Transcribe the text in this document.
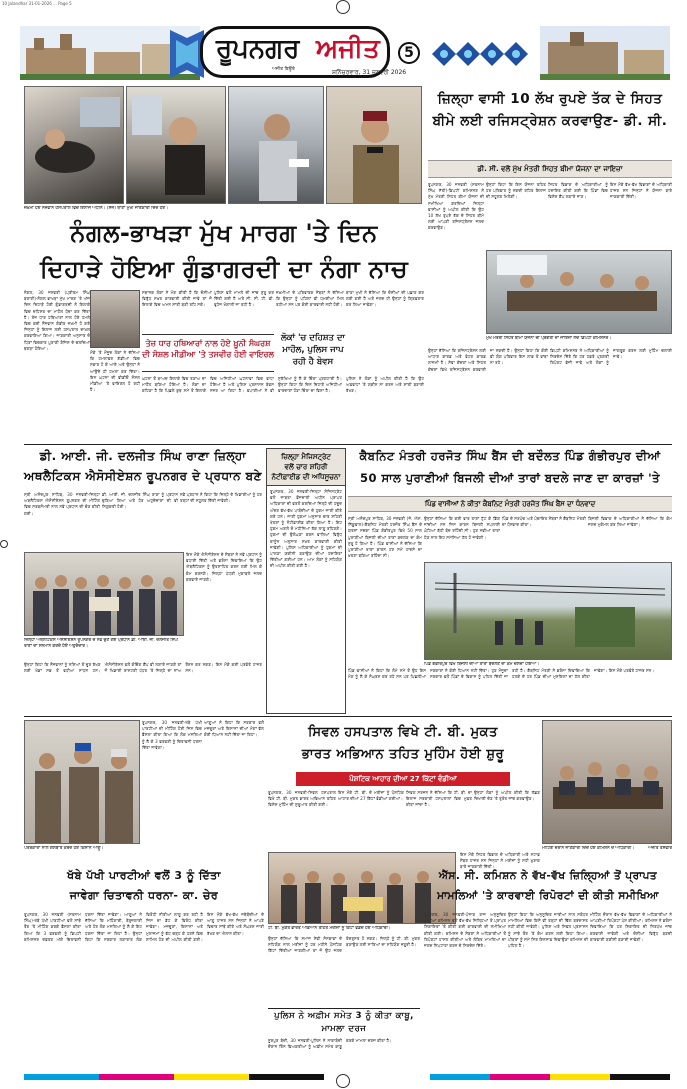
10 Jalandhar 31-01-2026 ... Page 5
ਰੂਪਨਗਰ ਅਜੀਤ
ਅਜੀਤ ਬਿਊਰੋ
5
ਸ਼ਨਿੱਚਰਵਾਰ, 31 ਜਨਵਰੀ 2026
ਜ਼ਖ਼ਮੀ ਹੋਏ ਨੌਜਵਾਨ ਹਸਪਤਾਲ ਵਿਚ ਇਲਾਜ ਅਧੀਨ। (ਸੱਜੇ) ਥਾਣਾ ਮੁਖੀ ਜਾਣਕਾਰੀ ਦਿੰਦੇ ਹੋਏ।
ਨੰਗਲ-ਭਾਖੜਾ ਮੁੱਖ ਮਾਰਗ 'ਤੇ ਦਿਨ
ਦਿਹਾੜੇ ਹੋਇਆ ਗੁੰਡਾਗਰਦੀ ਦਾ ਨੰਗਾ ਨਾਚ
ਨੰਗਲ, 30 ਜਨਵਰੀ (ਪ੍ਰੀਤਮ ਸਿੰਘ ਬਰਾਰੀ)-ਨੰਗਲ ਭਾਖੜਾ ਮੁੱਖ ਮਾਰਗ 'ਤੇ ਅੱਜ ਦਿਨ ਦਿਹਾੜੇ ਹੋਈ ਗੁੰਡਾਗਰਦੀ ਨੇ ਇਲਾਕੇ ਵਿਚ ਦਹਿਸ਼ਤ ਦਾ ਮਾਹੌਲ ਪੈਦਾ ਕਰ ਦਿੱਤਾ ਹੈ। ਤੇਜ਼ ਧਾਰ ਹਥਿਆਰਾਂ ਨਾਲ ਹੋਏ ਹਮਲੇ ਵਿਚ ਕਈ ਨੌਜਵਾਨ ਗੰਭੀਰ ਜ਼ਖ਼ਮੀ ਹੋ ਗਏ ਜਿਨ੍ਹਾਂ ਨੂੰ ਇਲਾਜ ਲਈ ਹਸਪਤਾਲ ਦਾਖ਼ਲ ਕਰਵਾਇਆ ਗਿਆ। ਜਾਣਕਾਰੀ ਅਨੁਸਾਰ ਦੋ ਧਿਰਾਂ ਵਿਚਕਾਰ ਪੁਰਾਣੀ ਰੰਜਿਸ਼ ਦੇ ਚਲਦਿਆਂ ਝਗੜਾ ਹੋਇਆ।
ਮੌਕੇ 'ਤੇ ਮੌਜੂਦ ਲੋਕਾਂ ਨੇ ਦੱਸਿਆ ਕਿ ਹਮਲਾਵਰ ਗੱਡੀਆਂ ਵਿਚ ਸਵਾਰ ਹੋ ਕੇ ਆਏ ਅਤੇ ਉਨ੍ਹਾਂ ਨੇ ਆਉਂਦੇ ਹੀ ਹਮਲਾ ਕਰ ਦਿੱਤਾ। ਇਸ ਘਟਨਾ ਦੀ ਵੀਡੀਓ ਸੋਸ਼ਲ ਮੀਡੀਆ 'ਤੇ ਵਾਇਰਲ ਹੋ ਰਹੀ ਹੈ।
ਸਥਾਨਕ ਲੋਕਾਂ ਨੇ ਮੰਗ ਕੀਤੀ ਹੈ ਕਿ ਦੋਸ਼ੀਆਂ ਵਿਰੁੱਧ ਸਖ਼ਤ ਕਾਰਵਾਈ ਕੀਤੀ ਜਾਵੇ ਤਾਂ ਜੋ ਇਲਾਕੇ ਵਿਚ ਅਮਨ ਸ਼ਾਂਤੀ ਬਣੀ ਰਹਿ ਸਕੇ।
ਪੁਲਿਸ ਵਲੋਂ ਮਾਮਲੇ ਦੀ ਜਾਂਚ ਸ਼ੁਰੂ ਕਰ ਦਿੱਤੀ ਗਈ ਹੈ ਅਤੇ ਸੀ. ਸੀ. ਟੀ. ਵੀ. ਫੁਟੇਜ ਖੰਗਾਲੀ ਜਾ ਰਹੀ ਹੈ।
ਜ਼ਖ਼ਮੀਆਂ ਦੇ ਪਰਿਵਾਰਕ ਮੈਂਬਰਾਂ ਨੇ ਦੱਸਿਆ ਕਿ ਉਨ੍ਹਾਂ ਨੂੰ ਪਹਿਲਾਂ ਵੀ ਧਮਕੀਆਂ ਮਿਲ ਰਹੀਆਂ ਸਨ ਪਰ ਕੋਈ ਕਾਰਵਾਈ ਨਹੀਂ ਹੋਈ।
ਥਾਣਾ ਮੁਖੀ ਨੇ ਦੱਸਿਆ ਕਿ ਦੋਸ਼ੀਆਂ ਦੀ ਪਛਾਣ ਕਰ ਲਈ ਗਈ ਹੈ ਅਤੇ ਜਲਦ ਹੀ ਉਨ੍ਹਾਂ ਨੂੰ ਗ੍ਰਿਫ਼ਤਾਰ ਕਰ ਲਿਆ ਜਾਵੇਗਾ।
ਤੇਜ਼ ਧਾਰ ਹਥਿਆਰਾਂ ਨਾਲ ਹੋਏ ਖ਼ੂਨੀ ਸੰਘਰਸ਼ ਦੀ ਸੋਸ਼ਲ ਮੀਡੀਆ 'ਤੇ ਤਸਵੀਰ ਹੋਈ ਵਾਇਰਲ
ਲੋਕਾਂ 'ਚ ਦਹਿਸ਼ਤ ਦਾ ਮਾਹੌਲ, ਪੁਲਿਸ ਜਾਪ ਰਹੀ ਹੈ ਬੇਵਸ
ਘਟਨਾ ਤੋਂ ਬਾਅਦ ਇਲਾਕੇ ਵਿਚ ਤਣਾਅ ਦਾ ਮਾਹੌਲ ਬਣਿਆ ਹੋਇਆ ਹੈ। ਲੋਕਾਂ ਦਾ ਕਹਿਣਾ ਹੈ ਕਿ ਪਿਛਲੇ ਕੁਝ ਸਮੇਂ ਤੋਂ ਇਲਾਕੇ ਵਿਚ ਅਜਿਹੀਆਂ ਘਟਨਾਵਾਂ ਵਿਚ ਵਾਧਾ ਹੋਇਆ ਹੈ ਅਤੇ ਪੁਲਿਸ ਪ੍ਰਸ਼ਾਸਨ ਬੇਵਸ ਨਜ਼ਰ ਆ ਰਿਹਾ ਹੈ। ਵਪਾਰੀਆਂ ਨੇ ਵੀ ਸੁਰੱਖਿਆ ਨੂੰ ਲੈ ਕੇ ਚਿੰਤਾ ਪ੍ਰਗਟਾਈ ਹੈ। ਉਨ੍ਹਾਂ ਕਿਹਾ ਕਿ ਦਿਨ ਦਿਹਾੜੇ ਅਜਿਹੀਆਂ ਵਾਰਦਾਤਾਂ ਹੋਣਾ ਚਿੰਤਾ ਦਾ ਵਿਸ਼ਾ ਹੈ।
ਪੁਲਿਸ ਨੇ ਲੋਕਾਂ ਨੂੰ ਅਪੀਲ ਕੀਤੀ ਹੈ ਕਿ ਉਹ ਅਫ਼ਵਾਹਾਂ 'ਤੇ ਯਕੀਨ ਨਾ ਕਰਨ ਅਤੇ ਸ਼ਾਂਤੀ ਬਣਾਈ ਰੱਖਣ।
ਜ਼ਿਲ੍ਹਾ ਵਾਸੀ 10 ਲੱਖ ਰੁਪਏ ਤੱਕ ਦੇ ਸਿਹਤ
ਬੀਮੇ ਲਈ ਰਜਿਸਟ੍ਰੇਸ਼ਨ ਕਰਵਾਉਣ- ਡੀ. ਸੀ.
ਡੀ. ਸੀ. ਵਲੋਂ ਮੁੱਖ ਮੰਤਰੀ ਸਿਹਤ ਬੀਮਾ ਯੋਜਨਾ ਦਾ ਜਾਇਜ਼ਾ
ਰੂਪਨਗਰ, 30 ਜਨਵਰੀ (ਸਤਨਾਮ ਸਿੰਘ ਸੱਤੀ)-ਡਿਪਟੀ ਕਮਿਸ਼ਨਰ ਨੇ ਮੁੱਖ ਮੰਤਰੀ ਸਿਹਤ ਬੀਮਾ ਯੋਜਨਾ ਦੀ ਸਮੀਖਿਆ ਕਰਦਿਆਂ ਜ਼ਿਲ੍ਹਾ ਵਾਸੀਆਂ ਨੂੰ ਅਪੀਲ ਕੀਤੀ ਕਿ ਉਹ 10 ਲੱਖ ਰੁਪਏ ਤੱਕ ਦੇ ਸਿਹਤ ਬੀਮੇ ਲਈ ਆਪਣੀ ਰਜਿਸਟ੍ਰੇਸ਼ਨ ਜਲਦ ਕਰਵਾਉਣ।
ਉਨ੍ਹਾਂ ਕਿਹਾ ਕਿ ਇਸ ਯੋਜਨਾ ਤਹਿਤ ਹਰ ਪਰਿਵਾਰ ਨੂੰ ਨਕਦੀ ਰਹਿਤ ਇਲਾਜ ਦੀ ਸਹੂਲਤ ਮਿਲੇਗੀ।
ਸਿਹਤ ਵਿਭਾਗ ਦੇ ਅਧਿਕਾਰੀਆਂ ਨੂੰ ਹਦਾਇਤ ਕੀਤੀ ਗਈ ਕਿ ਪਿੰਡਾਂ ਵਿਚ ਵਿਸ਼ੇਸ਼ ਕੈਂਪ ਲਗਾਏ ਜਾਣ।
ਇਸ ਮੌਕੇ ਵੱਖ-ਵੱਖ ਵਿਭਾਗਾਂ ਦੇ ਅਧਿਕਾਰੀ ਹਾਜ਼ਰ ਸਨ ਜਿਨ੍ਹਾਂ ਨੇ ਯੋਜਨਾ ਬਾਰੇ ਜਾਣਕਾਰੀ ਦਿੱਤੀ।
ਮੁੱਖ ਮੰਤਰੀ ਸਿਹਤ ਬੀਮਾ ਯੋਜਨਾ ਦੀ ਪ੍ਰਗਤੀ ਦਾ ਜਾਇਜ਼ਾ ਲੈਂਦੇ ਡਿਪਟੀ ਕਮਿਸ਼ਨਰ।
ਉਨ੍ਹਾਂ ਦੱਸਿਆ ਕਿ ਰਜਿਸਟ੍ਰੇਸ਼ਨ ਲਈ ਆਧਾਰ ਕਾਰਡ ਅਤੇ ਵੋਟਰ ਕਾਰਡ ਲਾਜ਼ਮੀ ਹੈ। ਸੇਵਾ ਕੇਂਦਰਾਂ ਅਤੇ ਸਿਹਤ ਕੇਂਦਰਾਂ ਵਿਖੇ ਰਜਿਸਟ੍ਰੇਸ਼ਨ ਕਰਵਾਈ ਜਾ ਸਕਦੀ ਹੈ। ਉਨ੍ਹਾਂ ਕਿਹਾ ਕਿ ਕੋਈ ਵੀ ਯੋਗ ਪਰਿਵਾਰ ਇਸ ਲਾਭ ਤੋਂ ਵਾਂਝਾ ਨਾ ਰਹੇ।
ਡਿਪਟੀ ਕਮਿਸ਼ਨਰ ਨੇ ਅਧਿਕਾਰੀਆਂ ਨੂੰ ਨਿਰਦੇਸ਼ ਦਿੱਤੇ ਕਿ ਹਰ ਹਫ਼ਤੇ ਪ੍ਰਗਤੀ ਰਿਪੋਰਟ ਭੇਜੀ ਜਾਵੇ ਅਤੇ ਲੋਕਾਂ ਨੂੰ ਜਾਗਰੂਕ ਕਰਨ ਲਈ ਮੁਹਿੰਮ ਚਲਾਈ ਜਾਵੇ।
ਡੀ. ਆਈ. ਜੀ. ਦਲਜੀਤ ਸਿੰਘ ਰਾਣਾ ਜ਼ਿਲ੍ਹਾ
ਅਥਲੈਟਿਕਸ ਐਸੋਸੀਏਸ਼ਨ ਰੂਪਨਗਰ ਦੇ ਪ੍ਰਧਾਨ ਬਣੇ
ਸ੍ਰੀ ਅਨੰਦਪੁਰ ਸਾਹਿਬ, 30 ਜਨਵਰੀ-ਜ਼ਿਲ੍ਹਾ ਅਥਲੈਟਿਕਸ ਐਸੋਸੀਏਸ਼ਨ ਰੂਪਨਗਰ ਦੀ ਮੀਟਿੰਗ ਵਿਚ ਸਰਬਸੰਮਤੀ ਨਾਲ ਨਵੇਂ ਪ੍ਰਧਾਨ ਦੀ ਚੋਣ ਕੀਤੀ ਗਈ।
ਡੀ. ਆਈ. ਜੀ. ਦਲਜੀਤ ਸਿੰਘ ਰਾਣਾ ਨੂੰ ਪ੍ਰਧਾਨ ਚੁਣਿਆ ਗਿਆ ਅਤੇ ਹੋਰ ਅਹੁਦੇਦਾਰਾਂ ਦੀ ਵੀ ਨਿਯੁਕਤੀ ਹੋਈ।
ਨਵੇਂ ਪ੍ਰਧਾਨ ਨੇ ਕਿਹਾ ਕਿ ਜ਼ਿਲ੍ਹੇ ਦੇ ਖਿਡਾਰੀਆਂ ਨੂੰ ਹਰ ਤਰ੍ਹਾਂ ਦੀ ਸਹੂਲਤ ਦਿੱਤੀ ਜਾਵੇਗੀ।
ਜ਼ਿਲ੍ਹਾ ਅਥਲੈਟਿਕਸ ਐਸੋਸੀਏਸ਼ਨ ਰੂਪਨਗਰ ਦੇ ਨਵੇਂ ਚੁਣੇ ਗਏ ਪ੍ਰਧਾਨ ਡੀ. ਆਈ. ਜੀ. ਦਲਜੀਤ ਸਿੰਘ ਰਾਣਾ ਦਾ ਸਨਮਾਨ ਕਰਦੇ ਹੋਏ ਅਹੁਦੇਦਾਰ।
ਇਸ ਮੌਕੇ ਐਸੋਸੀਏਸ਼ਨ ਦੇ ਮੈਂਬਰਾਂ ਨੇ ਨਵੇਂ ਪ੍ਰਧਾਨ ਨੂੰ ਵਧਾਈ ਦਿੱਤੀ ਅਤੇ ਭਰੋਸਾ ਦਿਵਾਇਆ ਕਿ ਉਹ ਐਥਲੈਟਿਕਸ ਨੂੰ ਉਤਸ਼ਾਹਿਤ ਕਰਨ ਲਈ ਮਿਲ ਕੇ ਕੰਮ ਕਰਨਗੇ। ਜ਼ਿਲ੍ਹਾ ਪੱਧਰੀ ਮੁਕਾਬਲੇ ਜਲਦ ਕਰਵਾਏ ਜਾਣਗੇ।
ਉਨ੍ਹਾਂ ਕਿਹਾ ਕਿ ਨੌਜਵਾਨਾਂ ਨੂੰ ਨਸ਼ਿਆਂ ਤੋਂ ਦੂਰ ਰੱਖਣ ਲਈ ਖੇਡਾਂ ਸਭ ਤੋਂ ਵਧੀਆ ਸਾਧਨ ਹਨ। ਐਸੋਸੀਏਸ਼ਨ ਵਲੋਂ ਕੋਚਿੰਗ ਕੈਂਪ ਵੀ ਲਗਾਏ ਜਾਣਗੇ ਤਾਂ ਜੋ ਖਿਡਾਰੀ ਰਾਸ਼ਟਰੀ ਪੱਧਰ 'ਤੇ ਜ਼ਿਲ੍ਹੇ ਦਾ ਨਾਂਅ ਰੌਸ਼ਨ ਕਰ ਸਕਣ। ਇਸ ਮੌਕੇ ਕਈ ਪਤਵੰਤੇ ਹਾਜ਼ਰ ਸਨ।
ਜ਼ਿਲ੍ਹਾ ਮੈਜਿਸਟ੍ਰੇਟ
ਵਲੋਂ ਚਾਰ ਸ਼ਹਿਰੀ
ਨੋਟੀਫ਼ਾਈਡ ਦੀ ਅਧਿਸੂਚਨਾ
ਰੂਪਨਗਰ, 30 ਜਨਵਰੀ-ਜ਼ਿਲ੍ਹਾ ਮੈਜਿਸਟ੍ਰੇਟ ਵਲੋਂ ਜ਼ਾਬਤਾ ਫ਼ੌਜਦਾਰੀ ਅਧੀਨ ਪ੍ਰਾਪਤ ਅਧਿਕਾਰਾਂ ਦੀ ਵਰਤੋਂ ਕਰਦਿਆਂ ਜ਼ਿਲ੍ਹੇ ਦੀ ਹਦੂਦ ਅੰਦਰ ਵੱਖ-ਵੱਖ ਪਾਬੰਦੀਆਂ ਦੇ ਹੁਕਮ ਜਾਰੀ ਕੀਤੇ ਗਏ ਹਨ। ਜਾਰੀ ਹੁਕਮਾਂ ਅਨੁਸਾਰ ਚਾਰ ਸ਼ਹਿਰੀ ਖੇਤਰਾਂ ਨੂੰ ਨੋਟੀਫ਼ਾਈਡ ਕੀਤਾ ਗਿਆ ਹੈ। ਇਹ ਹੁਕਮ ਅਗਲੇ ਦੋ ਮਹੀਨਿਆਂ ਤੱਕ ਲਾਗੂ ਰਹਿਣਗੇ। ਹੁਕਮਾਂ ਦੀ ਉਲੰਘਣਾ ਕਰਨ ਵਾਲਿਆਂ ਵਿਰੁੱਧ ਕਾਨੂੰਨ ਅਨੁਸਾਰ ਸਖ਼ਤ ਕਾਰਵਾਈ ਕੀਤੀ ਜਾਵੇਗੀ। ਪੁਲਿਸ ਅਧਿਕਾਰੀਆਂ ਨੂੰ ਹੁਕਮਾਂ ਦੀ ਪਾਲਣਾ ਯਕੀਨੀ ਬਣਾਉਣ ਦੀਆਂ ਹਦਾਇਤਾਂ ਦਿੱਤੀਆਂ ਗਈਆਂ ਹਨ। ਆਮ ਲੋਕਾਂ ਨੂੰ ਸਹਿਯੋਗ ਦੀ ਅਪੀਲ ਕੀਤੀ ਗਈ ਹੈ।
ਕੈਬਨਿਟ ਮੰਤਰੀ ਹਰਜੋਤ ਸਿੰਘ ਬੈਂਸ ਦੀ ਬਦੌਲਤ ਪਿੰਡ ਗੰਭੀਰਪੁਰ ਦੀਆਂ
50 ਸਾਲ ਪੁਰਾਣੀਆਂ ਬਿਜਲੀ ਦੀਆਂ ਤਾਰਾਂ ਬਦਲੇ ਜਾਣ ਦਾ ਕਾਰਜ਼ਾਂ 'ਤੇ
ਪਿੰਡ ਵਾਸੀਆਂ ਨੇ ਕੀਤਾ ਕੈਬਨਿਟ ਮੰਤਰੀ ਹਰਜੋਤ ਸਿੰਘ ਬੈਂਸ ਦਾ ਧੰਨਵਾਦ
ਸ੍ਰੀ ਅਨੰਦਪੁਰ ਸਾਹਿਬ, 30 ਜਨਵਰੀ (ਜੇ. ਐਸ. ਨਿੱਕੂਵਾਲ)-ਕੈਬਨਿਟ ਮੰਤਰੀ ਹਰਜੋਤ ਸਿੰਘ ਬੈਂਸ ਦੇ ਯਤਨਾਂ ਸਦਕਾ ਪਿੰਡ ਗੰਭੀਰਪੁਰ ਵਿਖੇ 50 ਸਾਲ ਪੁਰਾਣੀਆਂ ਬਿਜਲੀ ਦੀਆਂ ਤਾਰਾਂ ਬਦਲਣ ਦਾ ਕੰਮ ਸ਼ੁਰੂ ਹੋ ਗਿਆ ਹੈ। ਪਿੰਡ ਵਾਸੀਆਂ ਨੇ ਦੱਸਿਆ ਕਿ ਪੁਰਾਣੀਆਂ ਤਾਰਾਂ ਕਾਰਨ ਹਰ ਸਮੇਂ ਹਾਦਸੇ ਦਾ ਖ਼ਤਰਾ ਬਣਿਆ ਰਹਿੰਦਾ ਸੀ।
ਉਨ੍ਹਾਂ ਦੱਸਿਆ ਕਿ ਕਈ ਵਾਰ ਤਾਰਾਂ ਟੁੱਟ ਕੇ ਡਿੱਗ ਜਾਂਦੀਆਂ ਸਨ ਜਿਸ ਕਾਰਨ ਬਿਜਲੀ ਸਪਲਾਈ ਘੰਟਿਆਂ ਬੱਧੀ ਬੰਦ ਰਹਿੰਦੀ ਸੀ। ਹੁਣ ਨਵੀਆਂ ਤਾਰਾਂ ਪੈਣ ਨਾਲ ਇਹ ਸਮੱਸਿਆ ਹੱਲ ਹੋ ਜਾਵੇਗੀ।
ਪਿੰਡ ਦੇ ਸਰਪੰਚ ਅਤੇ ਪੰਚਾਇਤ ਮੈਂਬਰਾਂ ਨੇ ਕੈਬਨਿਟ ਮੰਤਰੀ ਦਾ ਧੰਨਵਾਦ ਕੀਤਾ।
ਬਿਜਲੀ ਵਿਭਾਗ ਦੇ ਅਧਿਕਾਰੀਆਂ ਨੇ ਦੱਸਿਆ ਕਿ ਕੰਮ ਜਲਦ ਮੁਕੰਮਲ ਕਰ ਲਿਆ ਜਾਵੇਗਾ।
ਪਿੰਡ ਗੰਭੀਰਪੁਰ ਵਿਖੇ ਬਿਜਲੀ ਦੀਆਂ ਤਾਰਾਂ ਬਦਲਣ ਦਾ ਕੰਮ ਚਲਦਾ ਹੋਇਆ।
ਪਿੰਡ ਵਾਸੀਆਂ ਨੇ ਕਿਹਾ ਕਿ ਲੰਮੇ ਸਮੇਂ ਤੋਂ ਉਹ ਇਸ ਮੰਗ ਨੂੰ ਲੈ ਕੇ ਸੰਘਰਸ਼ ਕਰ ਰਹੇ ਸਨ ਪਰ ਪਿਛਲੀਆਂ ਸਰਕਾਰਾਂ ਨੇ ਕੋਈ ਧਿਆਨ ਨਹੀਂ ਦਿੱਤਾ। ਹੁਣ ਮੌਜੂਦਾ ਸਰਕਾਰ ਵਲੋਂ ਪਿੰਡਾਂ ਦੇ ਵਿਕਾਸ ਨੂੰ ਪਹਿਲ ਦਿੱਤੀ ਜਾ ਰਹੀ ਹੈ। ਕੈਬਨਿਟ ਮੰਤਰੀ ਨੇ ਭਰੋਸਾ ਦਿਵਾਇਆ ਕਿ ਹਲਕੇ ਦੇ ਹਰ ਪਿੰਡ ਦੀਆਂ ਮੁਸ਼ਕਿਲਾਂ ਦਾ ਹੱਲ ਕੀਤਾ ਜਾਵੇਗਾ। ਇਸ ਮੌਕੇ ਪਤਵੰਤੇ ਹਾਜ਼ਰ ਸਨ।
ਪੱਤਰਕਾਰਾਂ ਨਾਲ ਗੱਲਬਾਤ ਕਰਦੇ ਹੋਏ ਕਿਸਾਨ ਆਗੂ।
ਰੂਪਨਗਰ, 30 ਜਨਵਰੀ-ਖੱਬੇ ਪੱਖੀ ਪਾਰਟੀਆਂ ਦੀ ਮੀਟਿੰਗ ਹੋਈ ਜਿਸ ਵਿਚ ਫ਼ੈਸਲਾ ਕੀਤਾ ਗਿਆ ਕਿ ਲੋਕ ਮਸਲਿਆਂ ਨੂੰ ਲੈ ਕੇ 3 ਫਰਵਰੀ ਨੂੰ ਚਿਤਾਵਨੀ ਧਰਨਾ ਦਿੱਤਾ ਜਾਵੇਗਾ।
ਆਗੂਆਂ ਨੇ ਕਿਹਾ ਕਿ ਸਰਕਾਰ ਵਲੋਂ ਮਜ਼ਦੂਰਾਂ ਅਤੇ ਕਿਸਾਨਾਂ ਦੀਆਂ ਮੰਗਾਂ ਵੱਲ ਕੋਈ ਧਿਆਨ ਨਹੀਂ ਦਿੱਤਾ ਜਾ ਰਿਹਾ।
ਖੱਬੇ ਪੱਖੀ ਪਾਰਟੀਆਂ ਵਲੋਂ 3 ਨੂੰ ਦਿੱਤਾ
ਜਾਵੇਗਾ ਚਿਤਾਵਨੀ ਧਰਨਾ- ਕਾ. ਚੇਰ
ਰੂਪਨਗਰ, 30 ਜਨਵਰੀ (ਸਤਨਾਮ ਸਿੰਘ)-ਖੱਬੇ ਪੱਖੀ ਪਾਰਟੀਆਂ ਵਲੋਂ ਸਾਂਝੇ ਤੌਰ 'ਤੇ ਮੀਟਿੰਗ ਕਰਕੇ ਫ਼ੈਸਲਾ ਕੀਤਾ ਗਿਆ ਕਿ 3 ਫਰਵਰੀ ਨੂੰ ਡਿਪਟੀ ਕਮਿਸ਼ਨਰ ਦਫ਼ਤਰ ਅੱਗੇ ਚਿਤਾਵਨੀ ਧਰਨਾ ਦਿੱਤਾ ਜਾਵੇਗਾ। ਆਗੂਆਂ ਨੇ ਦੱਸਿਆ ਕਿ ਮਹਿੰਗਾਈ, ਬੇਰੁਜ਼ਗਾਰੀ ਅਤੇ ਹੋਰ ਲੋਕ ਮਸਲਿਆਂ ਨੂੰ ਲੈ ਕੇ ਇਹ ਧਰਨਾ ਦਿੱਤਾ ਜਾ ਰਿਹਾ ਹੈ। ਉਨ੍ਹਾਂ ਕਿਹਾ ਕਿ ਸਰਕਾਰ ਲਗਾਤਾਰ ਲੋਕ ਵਿਰੋਧੀ ਨੀਤੀਆਂ ਲਾਗੂ ਕਰ ਰਹੀ ਹੈ ਜਿਸ ਦਾ ਡੱਟ ਕੇ ਵਿਰੋਧ ਕੀਤਾ ਜਾਵੇਗਾ। ਮਜ਼ਦੂਰਾਂ, ਕਿਸਾਨਾਂ ਅਤੇ ਮੁਲਾਜ਼ਮਾਂ ਨੂੰ ਵੱਧ ਚੜ੍ਹ ਕੇ ਧਰਨੇ ਵਿਚ ਸ਼ਾਮਿਲ ਹੋਣ ਦੀ ਅਪੀਲ ਕੀਤੀ ਗਈ। ਇਸ ਮੌਕੇ ਵੱਖ-ਵੱਖ ਜਥੇਬੰਦੀਆਂ ਦੇ ਆਗੂ ਹਾਜ਼ਰ ਸਨ ਜਿਨ੍ਹਾਂ ਨੇ ਆਪਣੇ ਵਿਚਾਰ ਸਾਂਝੇ ਕੀਤੇ ਅਤੇ ਸੰਘਰਸ਼ ਜਾਰੀ ਰੱਖਣ ਦਾ ਐਲਾਨ ਕੀਤਾ।
ਸਿਵਲ ਹਸਪਤਾਲ ਵਿਖੇ ਟੀ. ਬੀ. ਮੁਕਤ
ਭਾਰਤ ਅਭਿਆਨ ਤਹਿਤ ਮੁਹਿੰਮ ਹੋਈ ਸ਼ੁਰੂ
ਪੌਸ਼ਟਿਕ ਆਹਾਰ ਦੀਆਂ 27 ਕਿੱਟਾਂ ਵੰਡੀਆਂ
ਰੂਪਨਗਰ, 30 ਜਨਵਰੀ-ਸਿਵਲ ਹਸਪਤਾਲ ਵਿਖੇ ਟੀ. ਬੀ. ਮੁਕਤ ਭਾਰਤ ਅਭਿਆਨ ਤਹਿਤ ਵਿਸ਼ੇਸ਼ ਮੁਹਿੰਮ ਦੀ ਸ਼ੁਰੂਆਤ ਕੀਤੀ ਗਈ।
ਇਸ ਮੌਕੇ ਟੀ. ਬੀ. ਦੇ ਮਰੀਜ਼ਾਂ ਨੂੰ ਪੌਸ਼ਟਿਕ ਆਹਾਰ ਦੀਆਂ 27 ਕਿੱਟਾਂ ਵੰਡੀਆਂ ਗਈਆਂ।
ਸਿਵਲ ਸਰਜਨ ਨੇ ਦੱਸਿਆ ਕਿ ਟੀ. ਬੀ. ਦਾ ਇਲਾਜ ਸਰਕਾਰੀ ਹਸਪਤਾਲਾਂ ਵਿਚ ਮੁਫ਼ਤ ਕੀਤਾ ਜਾਂਦਾ ਹੈ।
ਉਨ੍ਹਾਂ ਲੋਕਾਂ ਨੂੰ ਅਪੀਲ ਕੀਤੀ ਕਿ ਲੱਛਣ ਦਿਖਾਈ ਦੇਣ 'ਤੇ ਤੁਰੰਤ ਜਾਂਚ ਕਰਵਾਉਣ।
ਇਸ ਮੌਕੇ ਸਿਹਤ ਵਿਭਾਗ ਦੇ ਅਧਿਕਾਰੀ ਅਤੇ ਸਟਾਫ਼ ਮੈਂਬਰ ਹਾਜ਼ਰ ਸਨ ਜਿਨ੍ਹਾਂ ਨੇ ਮਰੀਜ਼ਾਂ ਨੂੰ ਸਹੀ ਖ਼ੁਰਾਕ ਬਾਰੇ ਜਾਣਕਾਰੀ ਦਿੱਤੀ।
ਟੀ. ਬੀ. ਮੁਕਤ ਭਾਰਤ ਅਭਿਆਨ ਤਹਿਤ ਮਰੀਜ਼ਾਂ ਨੂੰ ਕਿੱਟਾਂ ਵੰਡਦੇ ਹੋਏ ਅਧਿਕਾਰੀ।
ਮੀਟਿੰਗ ਦੌਰਾਨ ਜਾਣਕਾਰੀ ਦਿੰਦੇ ਹੋਏ ਕਮਿਸ਼ਨ ਦੇ ਅਧਿਕਾਰੀ।	ਅਜੀਤ ਤਸਵੀਰ
ਐੱਸ. ਸੀ. ਕਮਿਸ਼ਨ ਨੇ ਵੱਖ-ਵੱਖ ਜ਼ਿਲ੍ਹਿਆਂ ਤੋਂ ਪ੍ਰਾਪਤ
ਮਾਮਲਿਆਂ 'ਤੇ ਕਾਰਵਾਈ ਰਿਪੋਰਟਾਂ ਦੀ ਕੀਤੀ ਸਮੀਖਿਆ
ਰੂਪਨਗਰ, 30 ਜਨਵਰੀ-ਪੰਜਾਬ ਰਾਜ ਅਨੁਸੂਚਿਤ ਜਾਤੀਆਂ ਕਮਿਸ਼ਨ ਵਲੋਂ ਵੱਖ-ਵੱਖ ਜ਼ਿਲ੍ਹਿਆਂ ਤੋਂ ਪ੍ਰਾਪਤ ਸ਼ਿਕਾਇਤਾਂ 'ਤੇ ਕੀਤੀ ਗਈ ਕਾਰਵਾਈ ਦੀ ਸਮੀਖਿਆ ਕੀਤੀ ਗਈ। ਕਮਿਸ਼ਨ ਦੇ ਮੈਂਬਰਾਂ ਨੇ ਅਧਿਕਾਰੀਆਂ ਤੋਂ ਰਿਪੋਰਟਾਂ ਹਾਸਲ ਕੀਤੀਆਂ ਅਤੇ ਲੰਬਿਤ ਮਾਮਲਿਆਂ ਦਾ ਜਲਦ ਨਿਪਟਾਰਾ ਕਰਨ ਦੇ ਨਿਰਦੇਸ਼ ਦਿੱਤੇ।
ਉਨ੍ਹਾਂ ਕਿਹਾ ਕਿ ਅਨੁਸੂਚਿਤ ਜਾਤੀਆਂ ਨਾਲ ਸਬੰਧਤ ਮਾਮਲਿਆਂ ਵਿਚ ਕਿਸੇ ਵੀ ਤਰ੍ਹਾਂ ਦੀ ਢਿੱਲ ਬਰਦਾਸ਼ਤ ਨਹੀਂ ਕੀਤੀ ਜਾਵੇਗੀ। ਪੁਲਿਸ ਅਤੇ ਸਿਵਲ ਪ੍ਰਸ਼ਾਸਨ ਨੂੰ ਸਾਂਝੇ ਤੌਰ 'ਤੇ ਕੰਮ ਕਰਨ ਲਈ ਕਿਹਾ ਗਿਆ। ਪੀੜਤਾਂ ਨੂੰ ਸਮੇਂ ਸਿਰ ਇਨਸਾਫ਼ ਦਿਵਾਉਣਾ ਕਮਿਸ਼ਨ ਦੀ ਪਹਿਲ ਹੈ।
ਮੀਟਿੰਗ ਦੌਰਾਨ ਵੱਖ-ਵੱਖ ਵਿਭਾਗਾਂ ਦੇ ਅਧਿਕਾਰੀਆਂ ਨੇ ਆਪਣੀਆਂ ਰਿਪੋਰਟਾਂ ਪੇਸ਼ ਕੀਤੀਆਂ। ਕਮਿਸ਼ਨ ਨੇ ਭਰੋਸਾ ਦਿਵਾਇਆ ਕਿ ਹਰ ਸ਼ਿਕਾਇਤ ਦੀ ਨਿਰਪੱਖ ਜਾਂਚ ਕਰਵਾਈ ਜਾਵੇਗੀ ਅਤੇ ਦੋਸ਼ੀਆਂ ਵਿਰੁੱਧ ਬਣਦੀ ਕਾਰਵਾਈ ਯਕੀਨੀ ਬਣਾਈ ਜਾਵੇਗੀ।
ਉਨ੍ਹਾਂ ਦੱਸਿਆ ਕਿ ਸਮਾਜ ਸੇਵੀ ਸੰਸਥਾਵਾਂ ਦੇ ਸਹਿਯੋਗ ਨਾਲ ਮਰੀਜ਼ਾਂ ਨੂੰ ਹਰ ਮਹੀਨੇ ਪੌਸ਼ਟਿਕ ਕਿੱਟਾਂ ਦਿੱਤੀਆਂ ਜਾਣਗੀਆਂ ਤਾਂ ਜੋ ਉਹ ਜਲਦ ਤੰਦਰੁਸਤ ਹੋ ਸਕਣ। ਜ਼ਿਲ੍ਹੇ ਨੂੰ ਟੀ. ਬੀ. ਮੁਕਤ ਬਣਾਉਣ ਲਈ ਸਾਰਿਆਂ ਦਾ ਸਹਿਯੋਗ ਜ਼ਰੂਰੀ ਹੈ।
ਪੁਲਿਸ ਨੇ ਅਫ਼ੀਮ ਸਮੇਤ 3 ਨੂੰ ਕੀਤਾ ਕਾਬੂ, ਮਾਮਲਾ ਦਰਜ
ਨੂਰਪੁਰ ਬੇਦੀ, 30 ਜਨਵਰੀ-ਪੁਲਿਸ ਨੇ ਨਾਕਾਬੰਦੀ ਦੌਰਾਨ ਤਿੰਨ ਵਿਅਕਤੀਆਂ ਨੂੰ ਅਫ਼ੀਮ ਸਮੇਤ ਕਾਬੂ ਕਰਕੇ ਮਾਮਲਾ ਦਰਜ ਕੀਤਾ ਹੈ।
